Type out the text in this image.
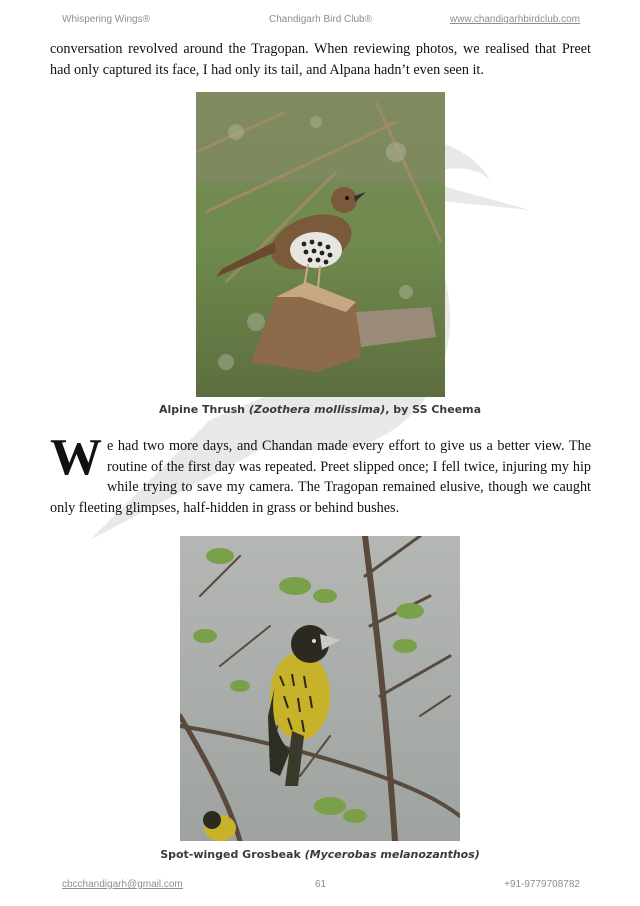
Whispering Wings®	Chandigarh Bird Club®	www.chandigarhbirdclub.com

conversation revolved around the Tragopan. When reviewing photos, we realised that Preet had only captured its face, I had only its tail, and Alpana hadn’t even seen it.

Alpine Thrush (Zoothera mollissima), by SS Cheema

We had two more days, and Chandan made every effort to give us a better view. The routine of the first day was repeated. Preet slipped once; I fell twice, injuring my hip while trying to save my camera. The Tragopan remained elusive, though we caught only fleeting glimpses, half-hidden in grass or behind bushes.

Spot-winged Grosbeak (Mycerobas melanozanthos)
cbcchandigarh@gmail.com	61	+91-9779708782
